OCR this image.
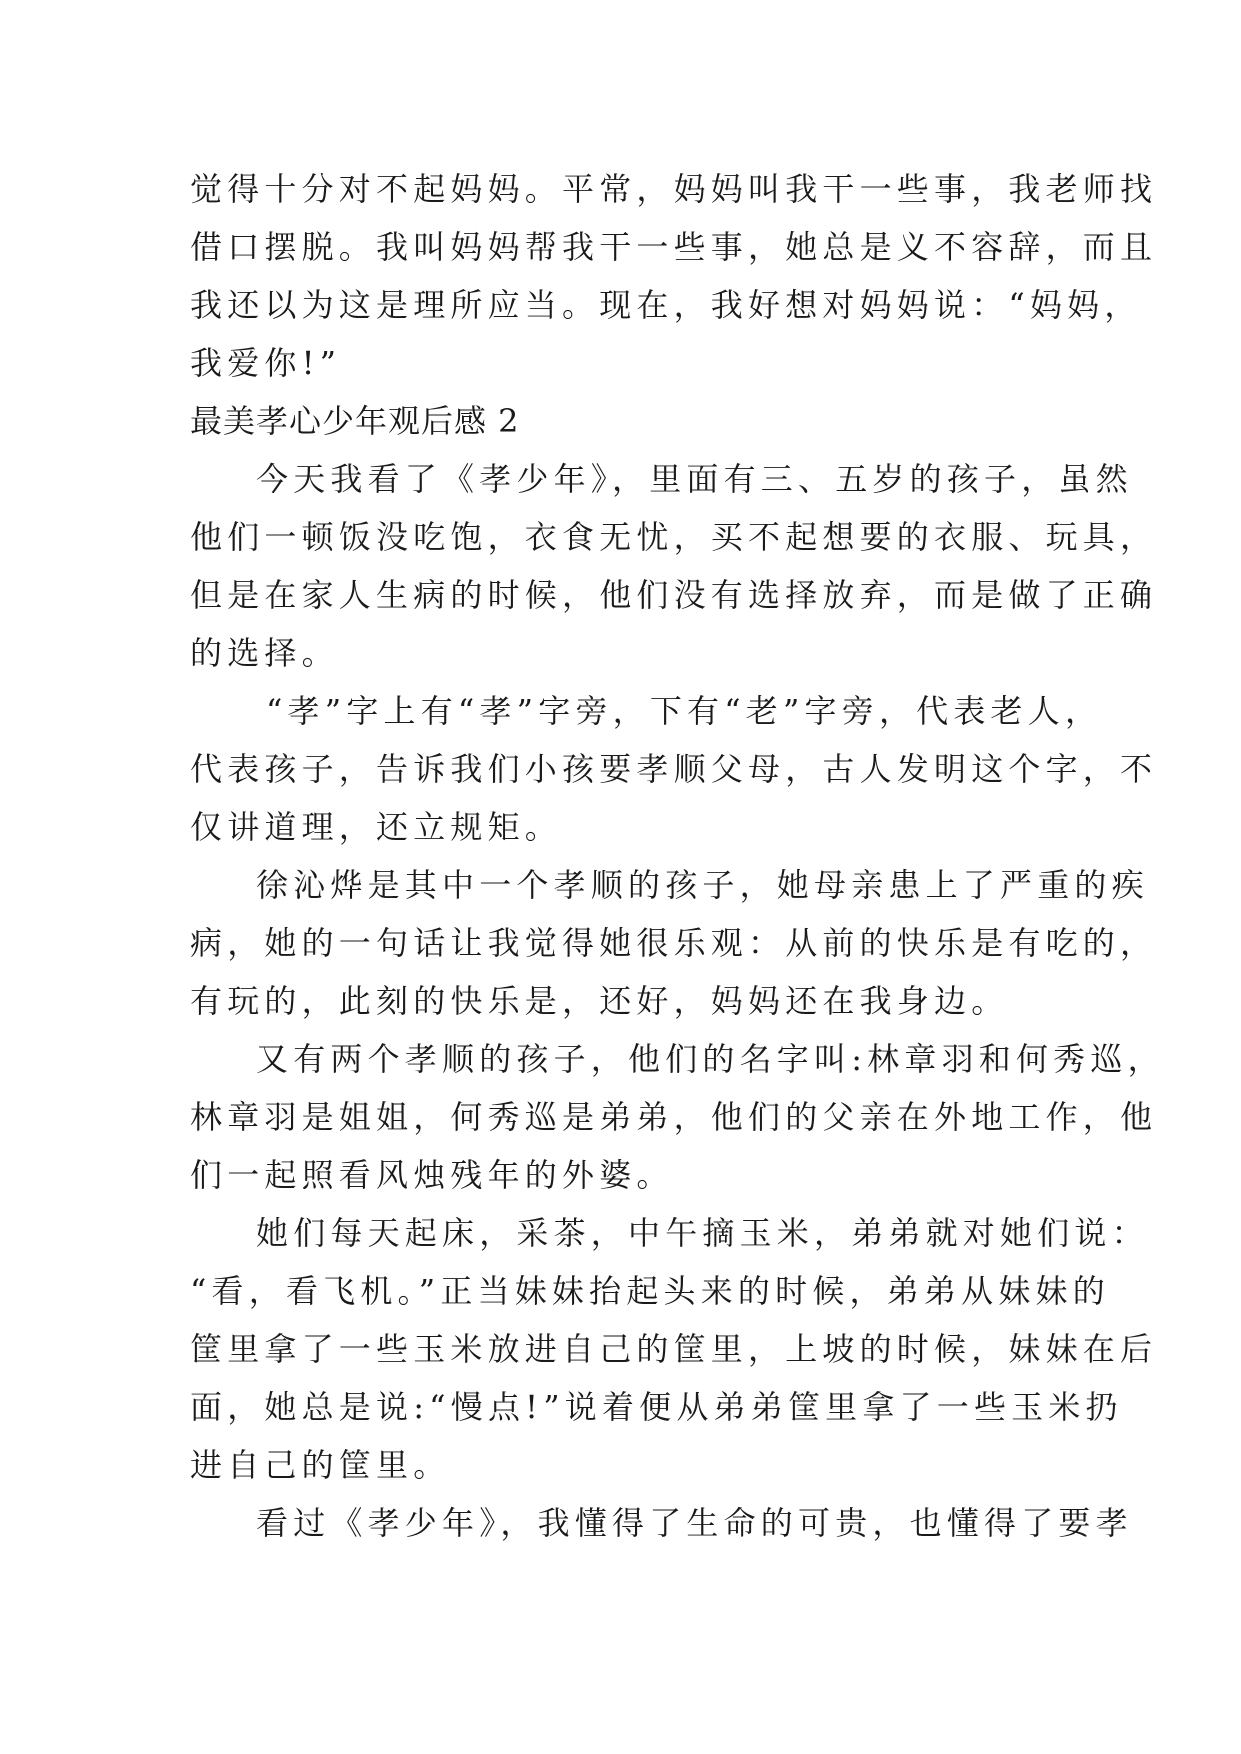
觉得十分对不起妈妈。平常，妈妈叫我干一些事，我老师找
借口摆脱。我叫妈妈帮我干一些事，她总是义不容辞，而且
我还以为这是理所应当。现在，我好想对妈妈说：“妈妈，
我爱你!”
最美孝心少年观后感 2
今天我看了《孝少年》，里面有三、五岁的孩子，虽然
他们一顿饭没吃饱，衣食无忧，买不起想要的衣服、玩具，
但是在家人生病的时候，他们没有选择放弃，而是做了正确
的选择。
“孝”字上有“孝”字旁，下有“老”字旁，代表老人，
代表孩子，告诉我们小孩要孝顺父母，古人发明这个字，不
仅讲道理，还立规矩。
徐沁烨是其中一个孝顺的孩子，她母亲患上了严重的疾
病，她的一句话让我觉得她很乐观：从前的快乐是有吃的，
有玩的，此刻的快乐是，还好，妈妈还在我身边。
又有两个孝顺的孩子，他们的名字叫:林章羽和何秀巡，
林章羽是姐姐，何秀巡是弟弟，他们的父亲在外地工作，他
们一起照看风烛残年的外婆。
她们每天起床，采茶，中午摘玉米，弟弟就对她们说：
“看，看飞机。”正当妹妹抬起头来的时候，弟弟从妹妹的
筐里拿了一些玉米放进自己的筐里，上坡的时候，妹妹在后
面，她总是说:“慢点!”说着便从弟弟筐里拿了一些玉米扔
进自己的筐里。
看过《孝少年》，我懂得了生命的可贵，也懂得了要孝
